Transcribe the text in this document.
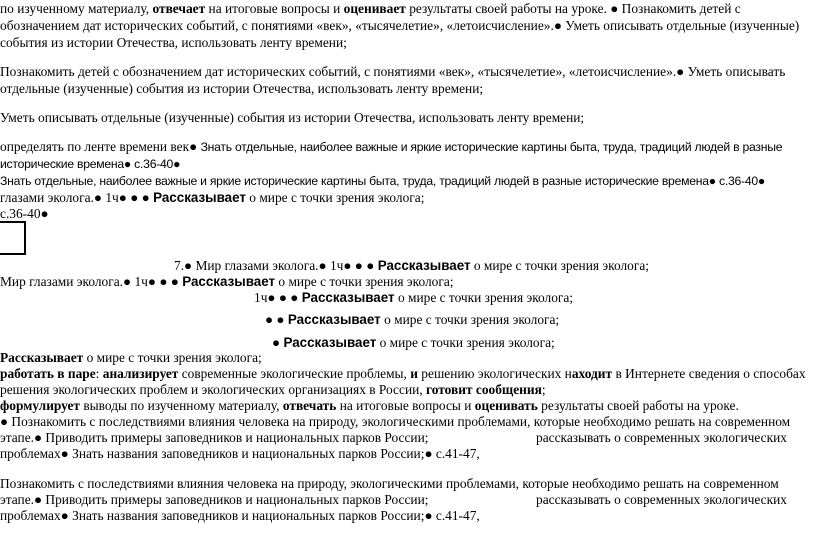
по изученному материалу, отвечает на итоговые вопросы и оценивает результаты своей работы на уроке. ● Познакомить детей с
обозначением дат исторических событий, с понятиями «век», «тысячелетие», «летоисчисление».● Уметь описывать отдельные (изученные)
события из истории Отечества, использовать ленту времени;
Познакомить детей с обозначением дат исторических событий, с понятиями «век», «тысячелетие», «летоисчисление».● Уметь описывать
отдельные (изученные) события из истории Отечества, использовать ленту времени;
Уметь описывать отдельные (изученные) события из истории Отечества, использовать ленту времени;
определять по ленте времени век● Знать отдельные, наиболее важные и яркие исторические картины быта, труда, традиций людей в разные
исторические времена● с.36-40●
Знать отдельные, наиболее важные и яркие исторические картины быта, труда, традиций людей в разные исторические времена● с.36-40●
глазами эколога.● 1ч● ● ● Рассказывает о мире с точки зрения эколога;
с.36-40●
7.● Мир глазами эколога.● 1ч● ● ● Рассказывает о мире с точки зрения эколога;
Мир глазами эколога.● 1ч● ● ● Рассказывает о мире с точки зрения эколога;
1ч● ● ● Рассказывает о мире с точки зрения эколога;
● ● Рассказывает о мире с точки зрения эколога;
● Рассказывает о мире с точки зрения эколога;
Рассказывает о мире с точки зрения эколога;
работать в паре: анализирует современные экологические проблемы, и решению экологических находит в Интернете сведения о способах
решения экологических проблем и экологических организациях в России, готовит сообщения;
формулирует выводы по изученному материалу, отвечать на итоговые вопросы и оценивать результаты своей работы на уроке.
● Познакомить с последствиями влияния человека на природу, экологическими проблемами, которые необходимо решать на современном
этапе.● Приводить примеры заповедников и национальных парков России;	рассказывать о современных экологических
проблемах● Знать названия заповедников и национальных парков России;● с.41-47,
Познакомить с последствиями влияния человека на природу, экологическими проблемами, которые необходимо решать на современном
этапе.● Приводить примеры заповедников и национальных парков России;	рассказывать о современных экологических
проблемах● Знать названия заповедников и национальных парков России;● с.41-47,
